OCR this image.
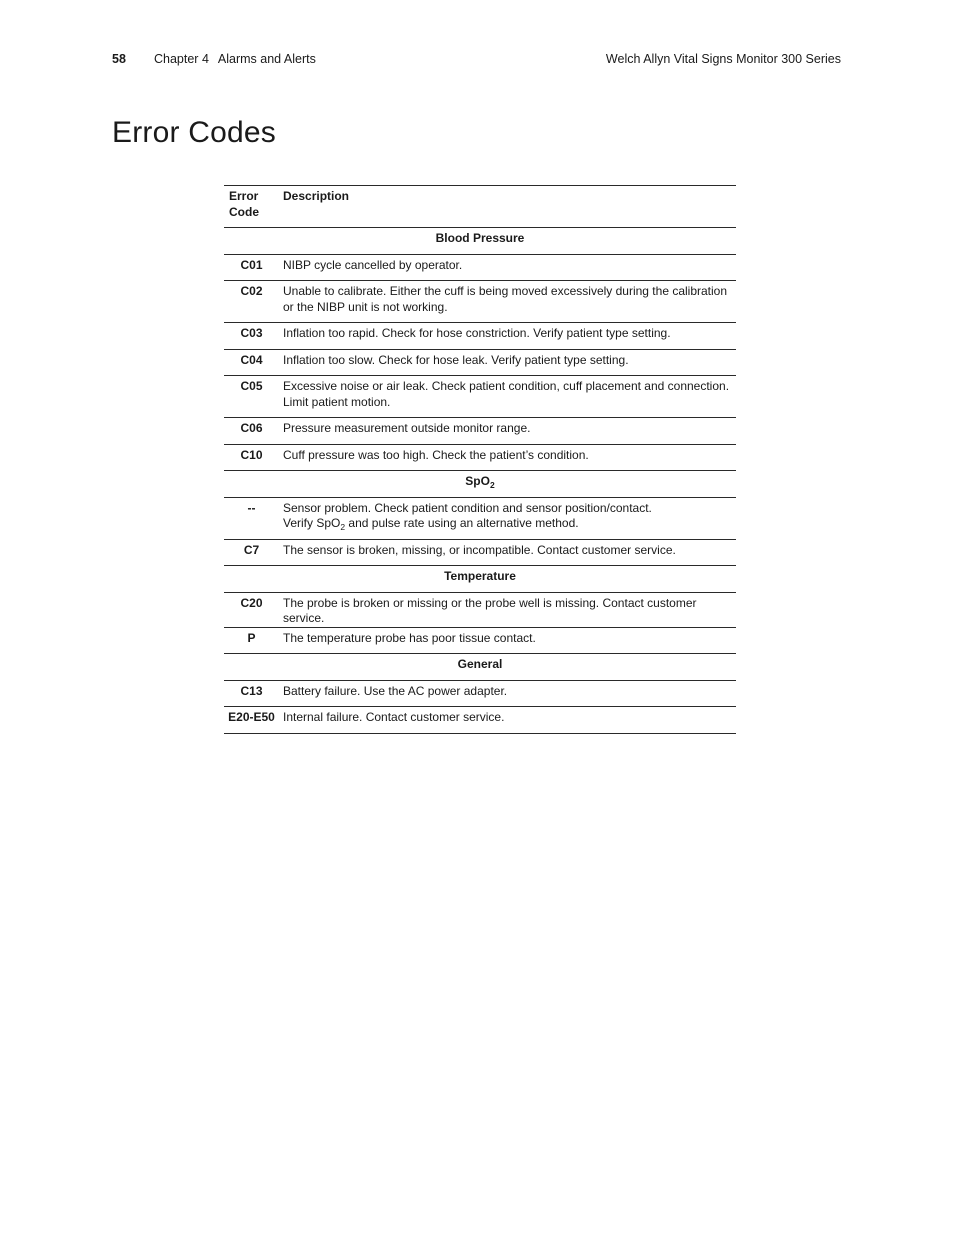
58 Chapter 4 Alarms and Alerts	Welch Allyn Vital Signs Monitor 300 Series
Error Codes
Error
Code	Description
Blood Pressure	
C01	NIBP cycle cancelled by operator.
C02	Unable to calibrate. Either the cuff is being moved excessively during the calibration or the NIBP unit is not working.
C03	Inflation too rapid. Check for hose constriction. Verify patient type setting.
C04	Inflation too slow. Check for hose leak. Verify patient type setting.
C05	Excessive noise or air leak. Check patient condition, cuff placement and connection. Limit patient motion.
C06	Pressure measurement outside monitor range.
C10	Cuff pressure was too high. Check the patient’s condition.
SpO$_2$
--	Sensor problem. Check patient condition and sensor position/contact.
Verify SpO$_2$ and pulse rate using an alternative method.
C7	The sensor is broken, missing, or incompatible. Contact customer service.
Temperature	
C20	The probe is broken or missing or the probe well is missing. Contact customer service.
P	The temperature probe has poor tissue contact.
General	
C13	Battery failure. Use the AC power adapter.
E20-E50	Internal failure. Contact customer service.
